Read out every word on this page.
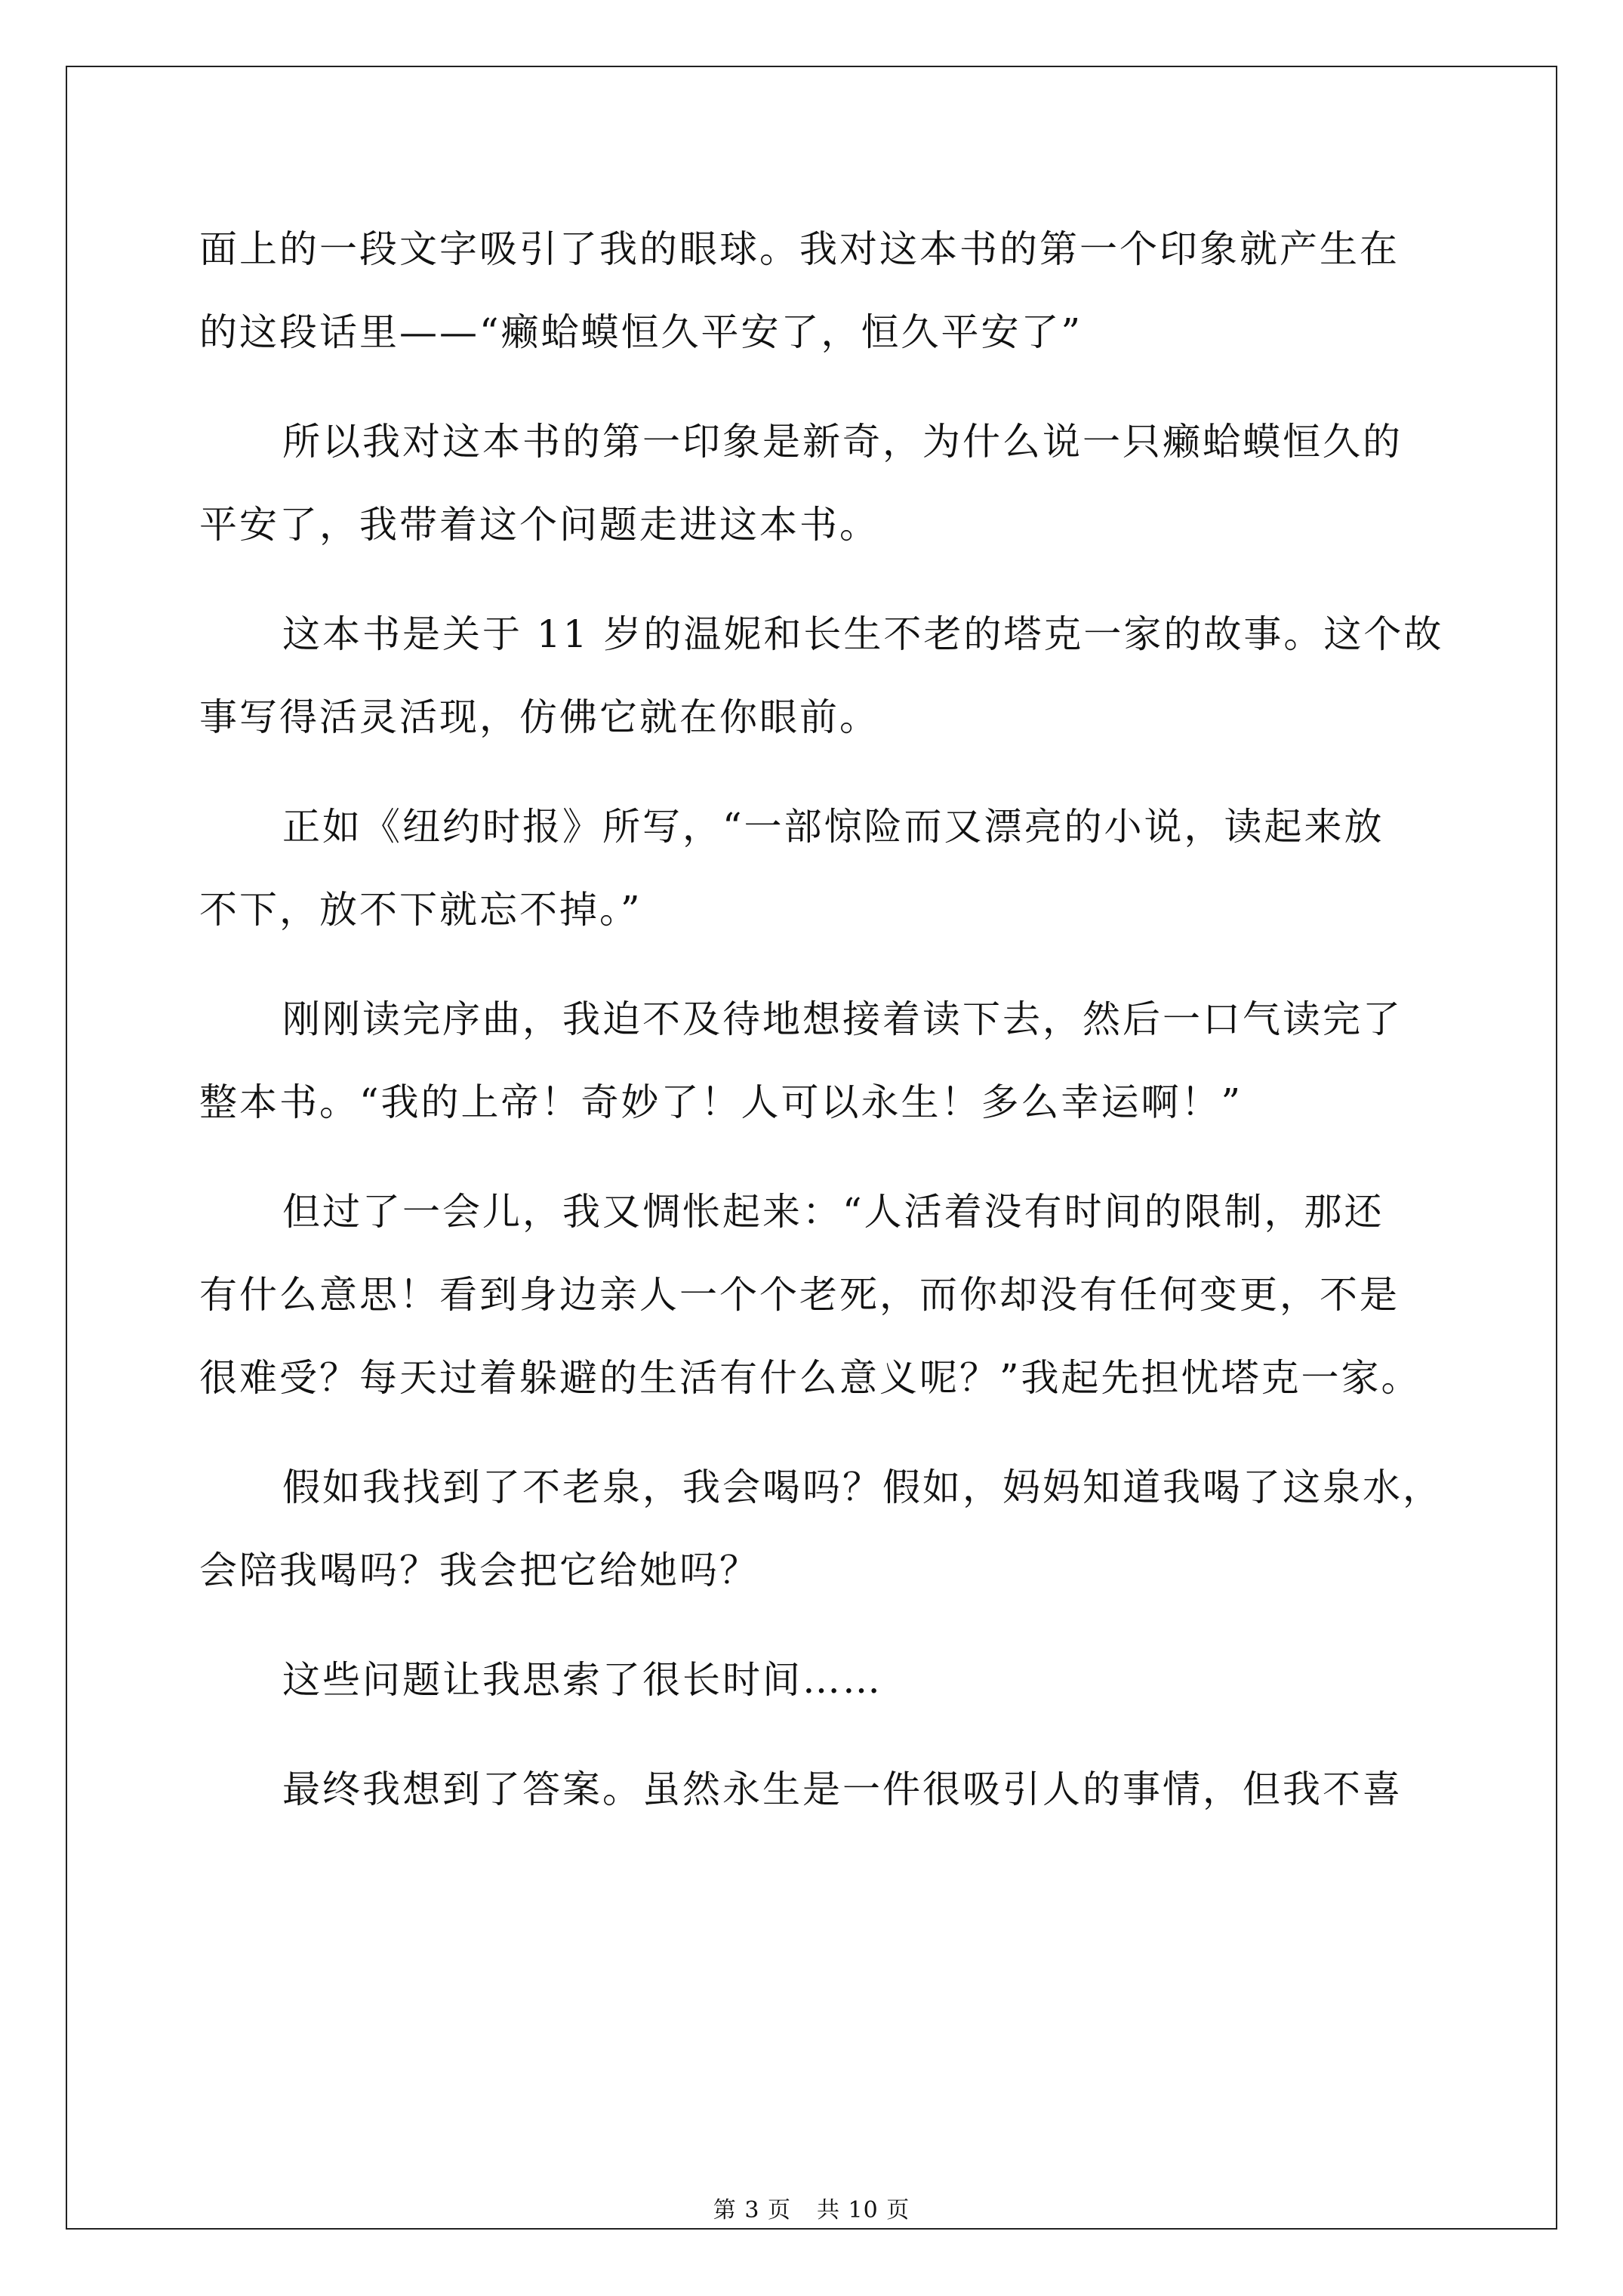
面上的一段文字吸引了我的眼球。我对这本书的第一个印象就产生在
的这段话里——“癞蛤蟆恒久平安了，恒久平安了”
所以我对这本书的第一印象是新奇，为什么说一只癞蛤蟆恒久的
平安了，我带着这个问题走进这本书。
这本书是关于 11 岁的温妮和长生不老的塔克一家的故事。这个故
事写得活灵活现，仿佛它就在你眼前。
正如《纽约时报》所写，“一部惊险而又漂亮的小说，读起来放
不下，放不下就忘不掉。”
刚刚读完序曲，我迫不及待地想接着读下去，然后一口气读完了
整本书。“我的上帝！奇妙了！人可以永生！多么幸运啊！”
但过了一会儿，我又惆怅起来：“人活着没有时间的限制，那还
有什么意思！看到身边亲人一个个老死，而你却没有任何变更，不是
很难受？每天过着躲避的生活有什么意义呢？”我起先担忧塔克一家。
假如我找到了不老泉，我会喝吗？假如，妈妈知道我喝了这泉水，
会陪我喝吗？我会把它给她吗？
这些问题让我思索了很长时间……
最终我想到了答案。虽然永生是一件很吸引人的事情，但我不喜
第 3 页 共 10 页
